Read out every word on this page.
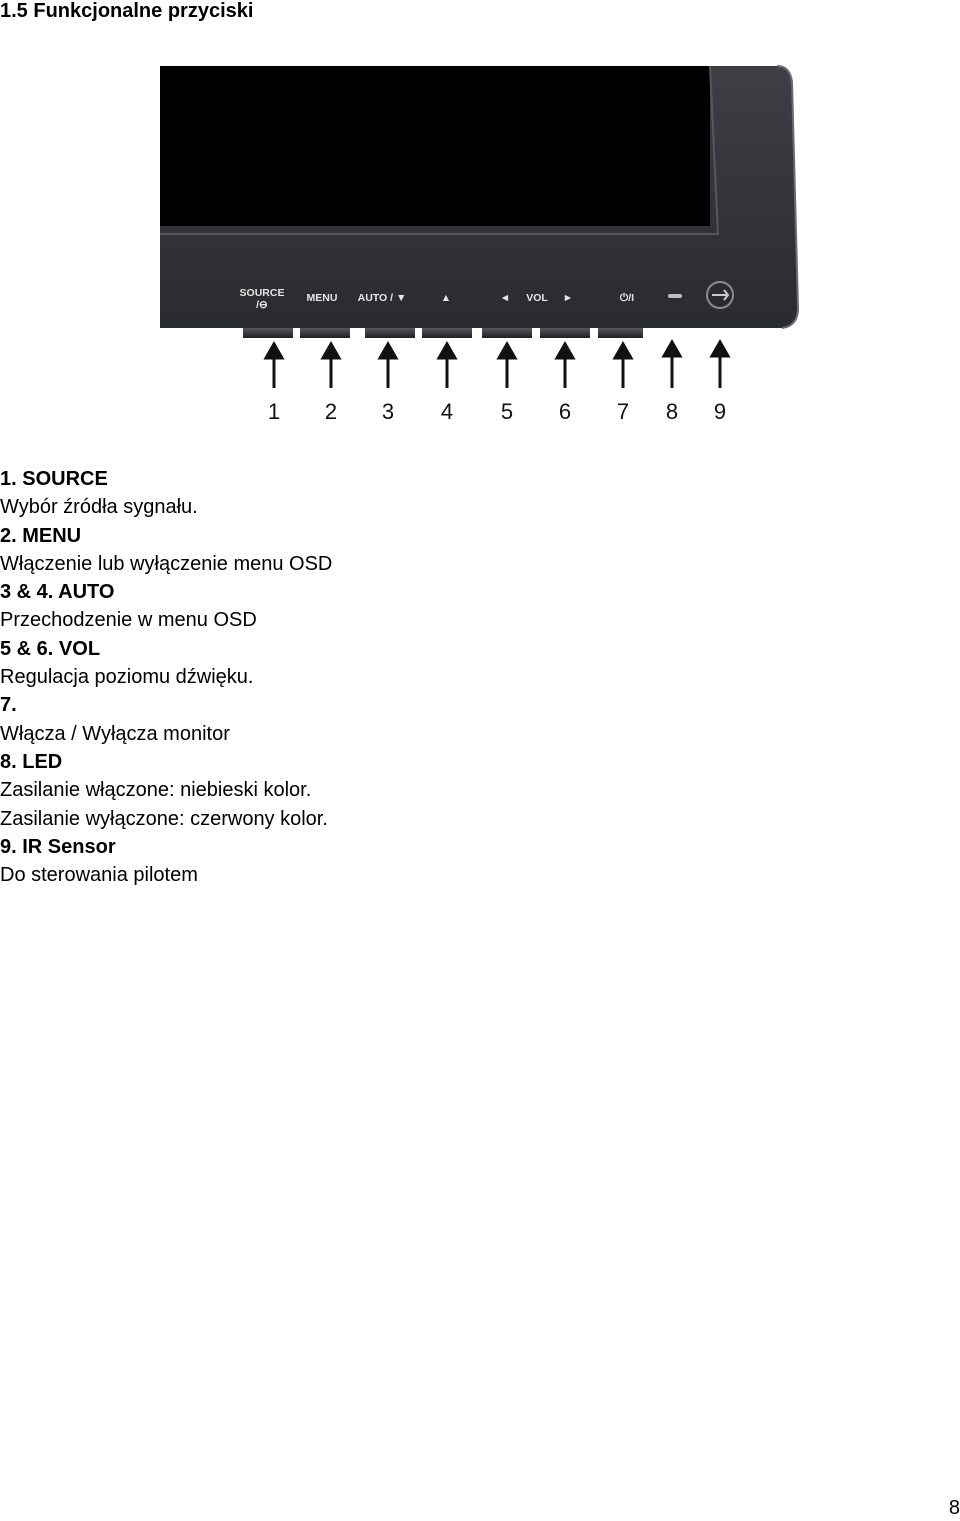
1.5 Funkcjonalne przyciski
SOURCE
/⊖
MENU AUTO / ▼	▲	◄ VOL ►	⏻/I
1 2 3 4 5 6 7 8 9
1. SOURCE
Wybór źródła sygnału.
2. MENU
Włączenie lub wyłączenie menu OSD
3 & 4. AUTO
Przechodzenie w menu OSD
5 & 6. VOL
Regulacja poziomu dźwięku.
7.
Włącza / Wyłącza monitor
8. LED
Zasilanie włączone: niebieski kolor.
Zasilanie wyłączone: czerwony kolor.
9. IR Sensor
Do sterowania pilotem
8
